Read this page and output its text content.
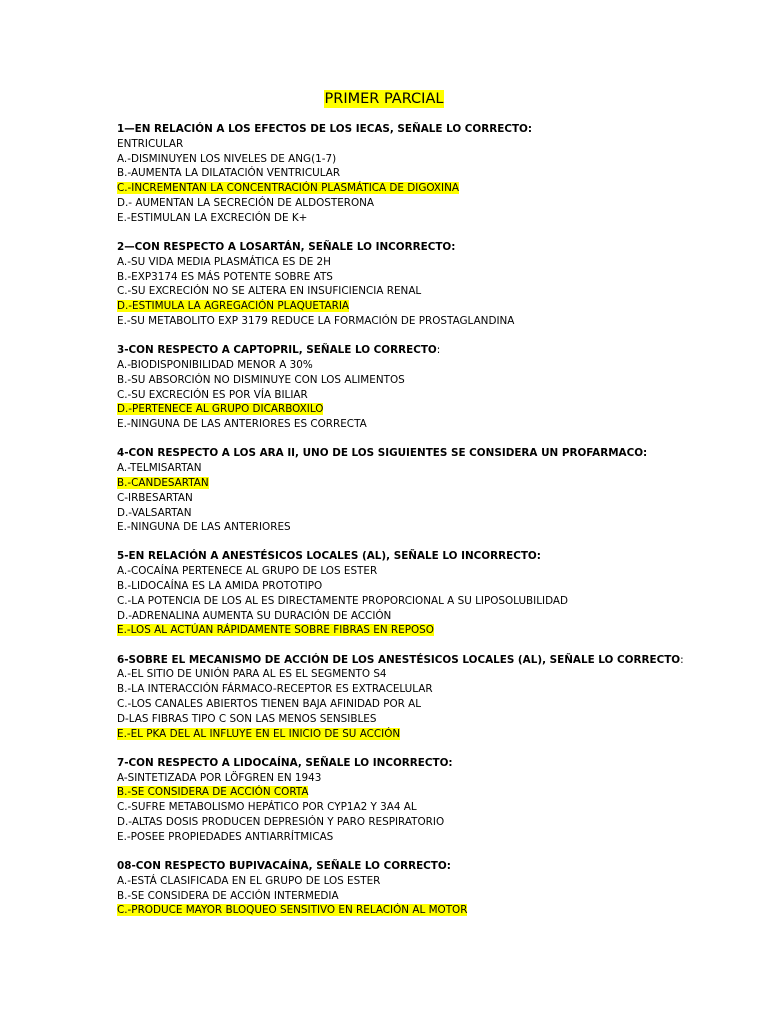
PRIMER PARCIAL
1—EN RELACIÓN A LOS EFECTOS DE LOS IECAS, SEÑALE LO CORRECTO:
ENTRICULAR
A.-DISMINUYEN LOS NIVELES DE ANG(1-7)
B.-AUMENTA LA DILATACIÓN VENTRICULAR
C.-INCREMENTAN LA CONCENTRACIÓN PLASMÁTICA DE DIGOXINA
D.- AUMENTAN LA SECRECIÓN DE ALDOSTERONA
E.-ESTIMULAN LA EXCRECIÓN DE K+
2—CON RESPECTO A LOSARTÁN, SEÑALE LO INCORRECTO:
A.-SU VIDA MEDIA PLASMÁTICA ES DE 2H
B.-EXP3174 ES MÁS POTENTE SOBRE ATS
C.-SU EXCRECIÓN NO SE ALTERA EN INSUFICIENCIA RENAL
D.-ESTIMULA LA AGREGACIÓN PLAQUETARIA
E.-SU METABOLITO EXP 3179 REDUCE LA FORMACIÓN DE PROSTAGLANDINA
3-CON RESPECTO A CAPTOPRIL, SEÑALE LO CORRECTO:
A.-BIODISPONIBILIDAD MENOR A 30%
B.-SU ABSORCIÓN NO DISMINUYE CON LOS ALIMENTOS
C.-SU EXCRECIÓN ES POR VÍA BILIAR
D.-PERTENECE AL GRUPO DICARBOXILO
E.-NINGUNA DE LAS ANTERIORES ES CORRECTA
4-CON RESPECTO A LOS ARA II, UNO DE LOS SIGUIENTES SE CONSIDERA UN PROFARMACO:
A.-TELMISARTAN
B.-CANDESARTAN
C-IRBESARTAN
D.-VALSARTAN
E.-NINGUNA DE LAS ANTERIORES
5-EN RELACIÓN A ANESTÉSICOS LOCALES (AL), SEÑALE LO INCORRECTO:
A.-COCAÍNA PERTENECE AL GRUPO DE LOS ESTER
B.-LIDOCAÍNA ES LA AMIDA PROTOTIPO
C.-LA POTENCIA DE LOS AL ES DIRECTAMENTE PROPORCIONAL A SU LIPOSOLUBILIDAD
D.-ADRENALINA AUMENTA SU DURACIÓN DE ACCIÓN
E.-LOS AL ACTÚAN RÁPIDAMENTE SOBRE FIBRAS EN REPOSO
6-SOBRE EL MECANISMO DE ACCIÓN DE LOS ANESTÉSICOS LOCALES (AL), SEÑALE LO CORRECTO:
A.-EL SITIO DE UNIÓN PARA AL ES EL SEGMENTO S4
B.-LA INTERACCIÓN FÁRMACO-RECEPTOR ES EXTRACELULAR
C.-LOS CANALES ABIERTOS TIENEN BAJA AFINIDAD POR AL
D-LAS FIBRAS TIPO C SON LAS MENOS SENSIBLES
E.-EL PKA DEL AL INFLUYE EN EL INICIO DE SU ACCIÓN
7-CON RESPECTO A LIDOCAÍNA, SEÑALE LO INCORRECTO:
A-SINTETIZADA POR LÖFGREN EN 1943
B.-SE CONSIDERA DE ACCIÓN CORTA
C.-SUFRE METABOLISMO HEPÁTICO POR CYP1A2 Y 3A4 AL
D.-ALTAS DOSIS PRODUCEN DEPRESIÓN Y PARO RESPIRATORIO
E.-POSEE PROPIEDADES ANTIARRÍTMICAS
08-CON RESPECTO BUPIVACAÍNA, SEÑALE LO CORRECTO:
A.-ESTÁ CLASIFICADA EN EL GRUPO DE LOS ESTER
B.-SE CONSIDERA DE ACCIÓN INTERMEDIA
C.-PRODUCE MAYOR BLOQUEO SENSITIVO EN RELACIÓN AL MOTOR
